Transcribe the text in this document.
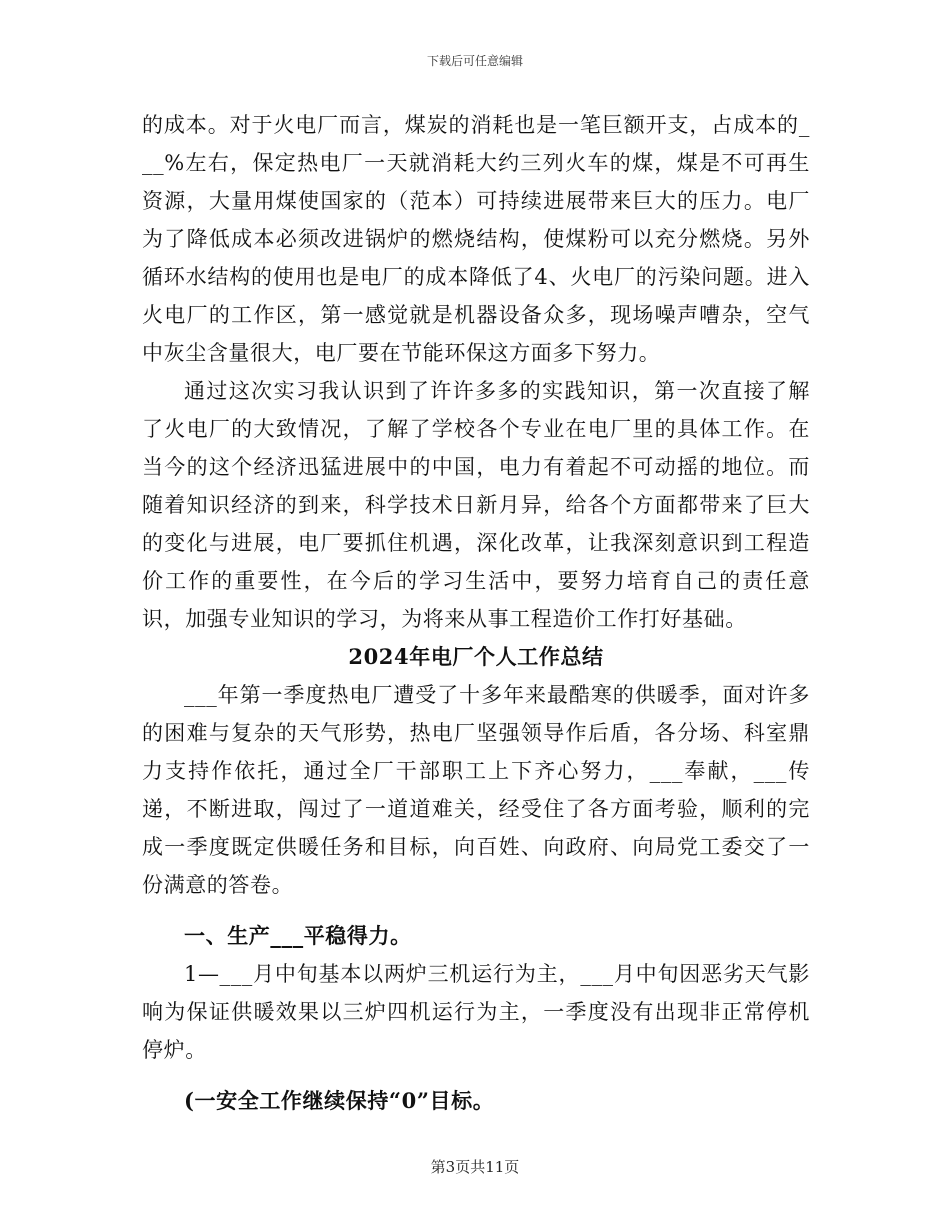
下载后可任意编辑

的成本。对于火电厂而言，煤炭的消耗也是一笔巨额开支，占成本的___%左右，保定热电厂一天就消耗大约三列火车的煤，煤是不可再生资源，大量用煤使国家的（范本）可持续进展带来巨大的压力。电厂为了降低成本必须改进锅炉的燃烧结构，使煤粉可以充分燃烧。另外循环水结构的使用也是电厂的成本降低了4、火电厂的污染问题。进入火电厂的工作区，第一感觉就是机器设备众多，现场噪声嘈杂，空气中灰尘含量很大，电厂要在节能环保这方面多下努力。

通过这次实习我认识到了许许多多的实践知识，第一次直接了解了火电厂的大致情况，了解了学校各个专业在电厂里的具体工作。在当今的这个经济迅猛进展中的中国，电力有着起不可动摇的地位。而随着知识经济的到来，科学技术日新月异，给各个方面都带来了巨大的变化与进展，电厂要抓住机遇，深化改革，让我深刻意识到工程造价工作的重要性，在今后的学习生活中，要努力培育自己的责任意识，加强专业知识的学习，为将来从事工程造价工作打好基础。

2024年电厂个人工作总结

___年第一季度热电厂遭受了十多年来最酷寒的供暖季，面对许多的困难与复杂的天气形势，热电厂坚强领导作后盾，各分场、科室鼎力支持作依托，通过全厂干部职工上下齐心努力，___奉献，___传递，不断进取，闯过了一道道难关，经受住了各方面考验，顺利的完成一季度既定供暖任务和目标，向百姓、向政府、向局党工委交了一份满意的答卷。

一、生产___平稳得力。

1—___月中旬基本以两炉三机运行为主，___月中旬因恶劣天气影响为保证供暖效果以三炉四机运行为主，一季度没有出现非正常停机停炉。

(一安全工作继续保持“0”目标。
第3页共11页
